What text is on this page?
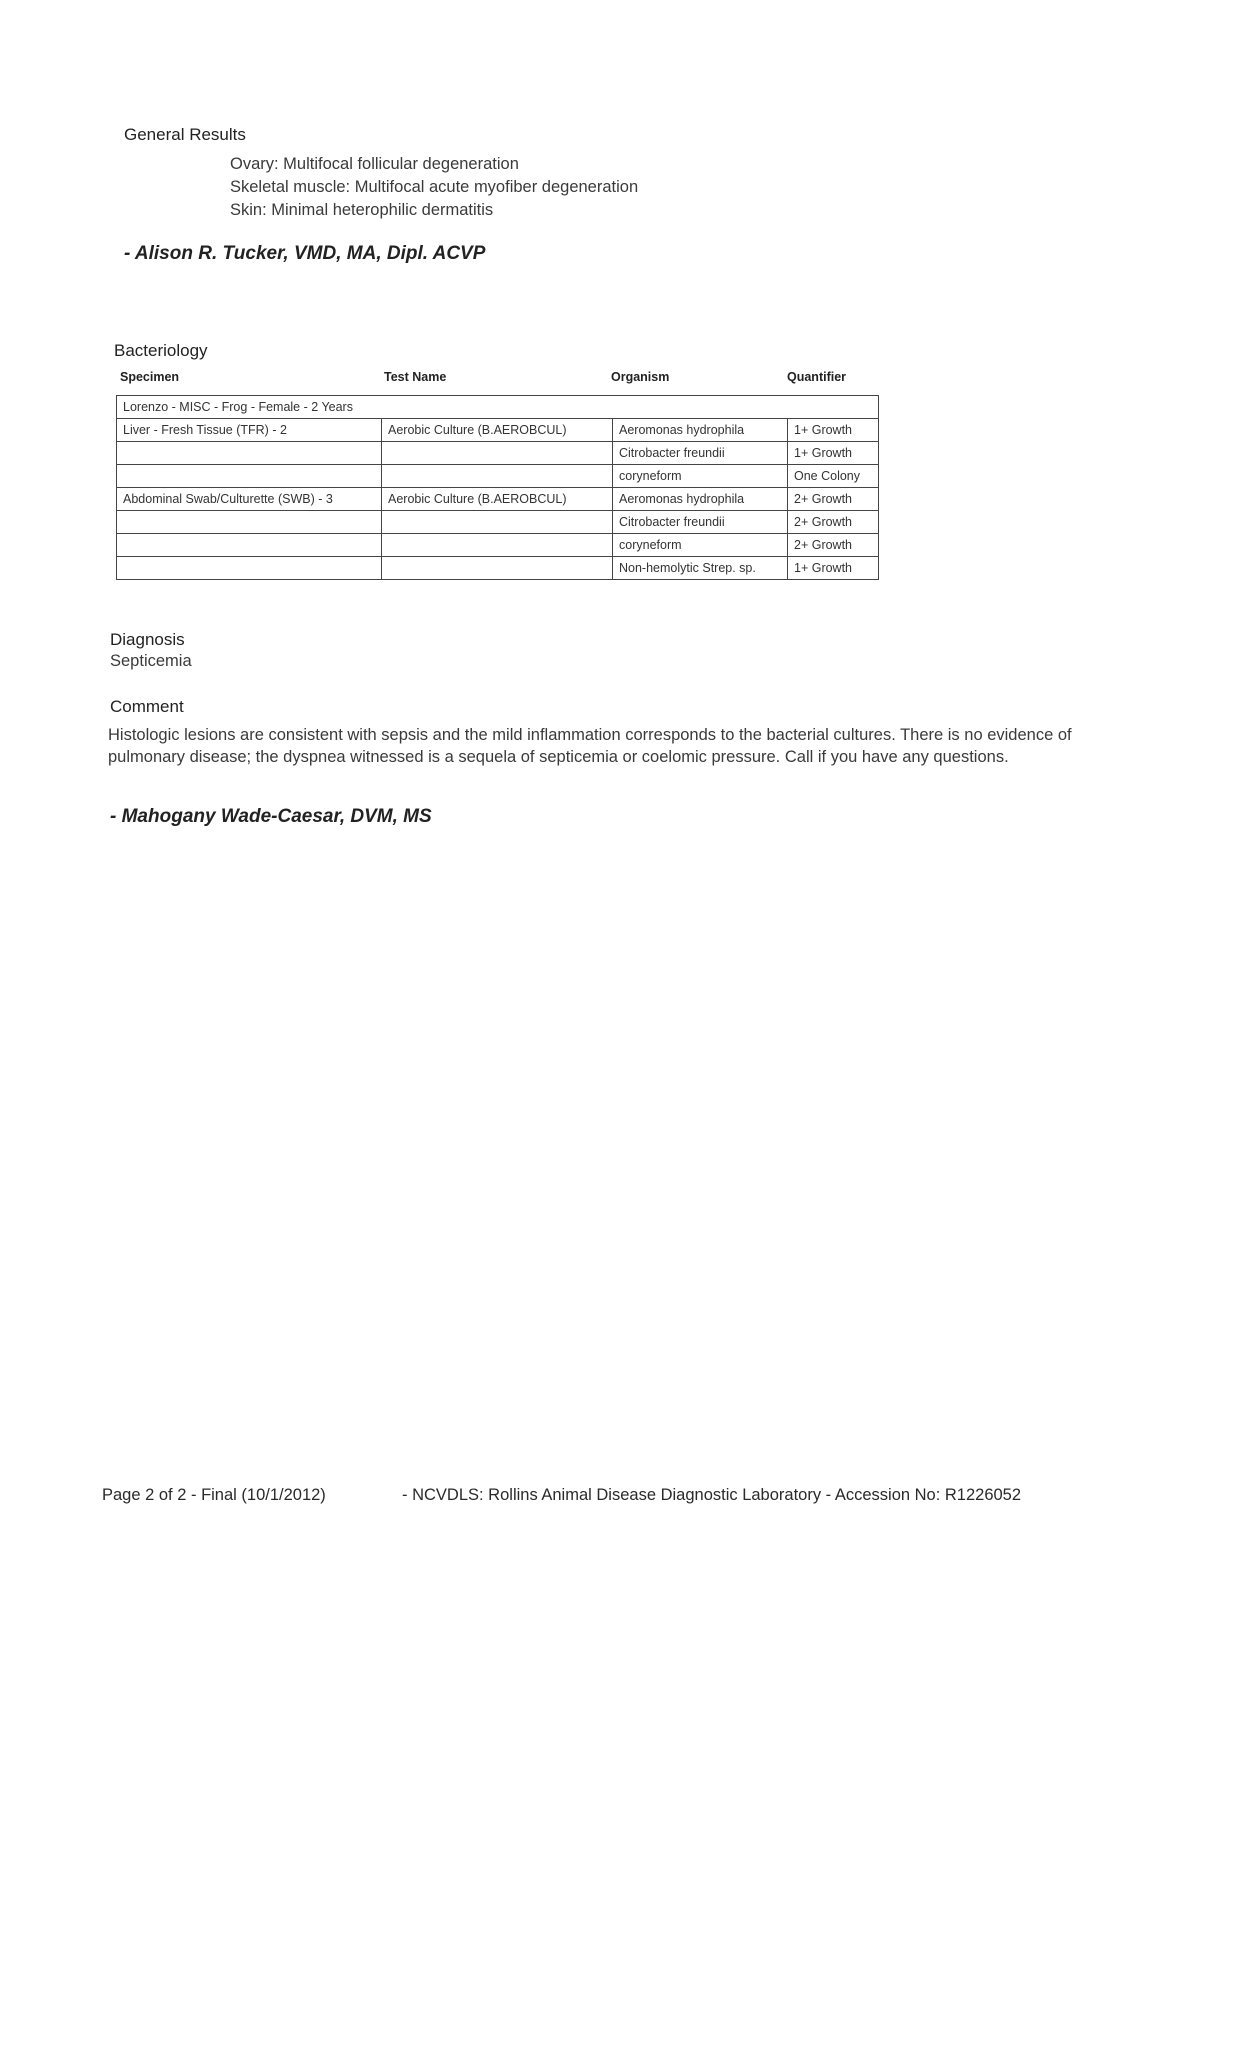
General Results
Ovary: Multifocal follicular degeneration
Skeletal muscle: Multifocal acute myofiber degeneration
Skin: Minimal heterophilic dermatitis
- Alison R. Tucker, VMD, MA, Dipl. ACVP
Bacteriology
Specimen	Test Name	Organism	Quantifier
Lorenzo - MISC - Frog - Female - 2 Years			
Liver - Fresh Tissue (TFR) - 2	Aerobic Culture (B.AEROBCUL)	Aeromonas hydrophila	1+ Growth
		Citrobacter freundii	1+ Growth
		coryneform	One Colony
Abdominal Swab/Culturette (SWB) - 3	Aerobic Culture (B.AEROBCUL)	Aeromonas hydrophila	2+ Growth
		Citrobacter freundii	2+ Growth
		coryneform	2+ Growth
		Non-hemolytic Strep. sp.	1+ Growth
Diagnosis

Septicemia

Comment

Histologic lesions are consistent with sepsis and the mild inflammation corresponds to the bacterial cultures. There is no evidence of pulmonary disease; the dyspnea witnessed is a sequela of septicemia or coelomic pressure. Call if you have any questions.

- Mahogany Wade-Caesar, DVM, MS
Page 2 of 2 - Final (10/1/2012)	- NCVDLS: Rollins Animal Disease Diagnostic Laboratory - Accession No: R1226052
